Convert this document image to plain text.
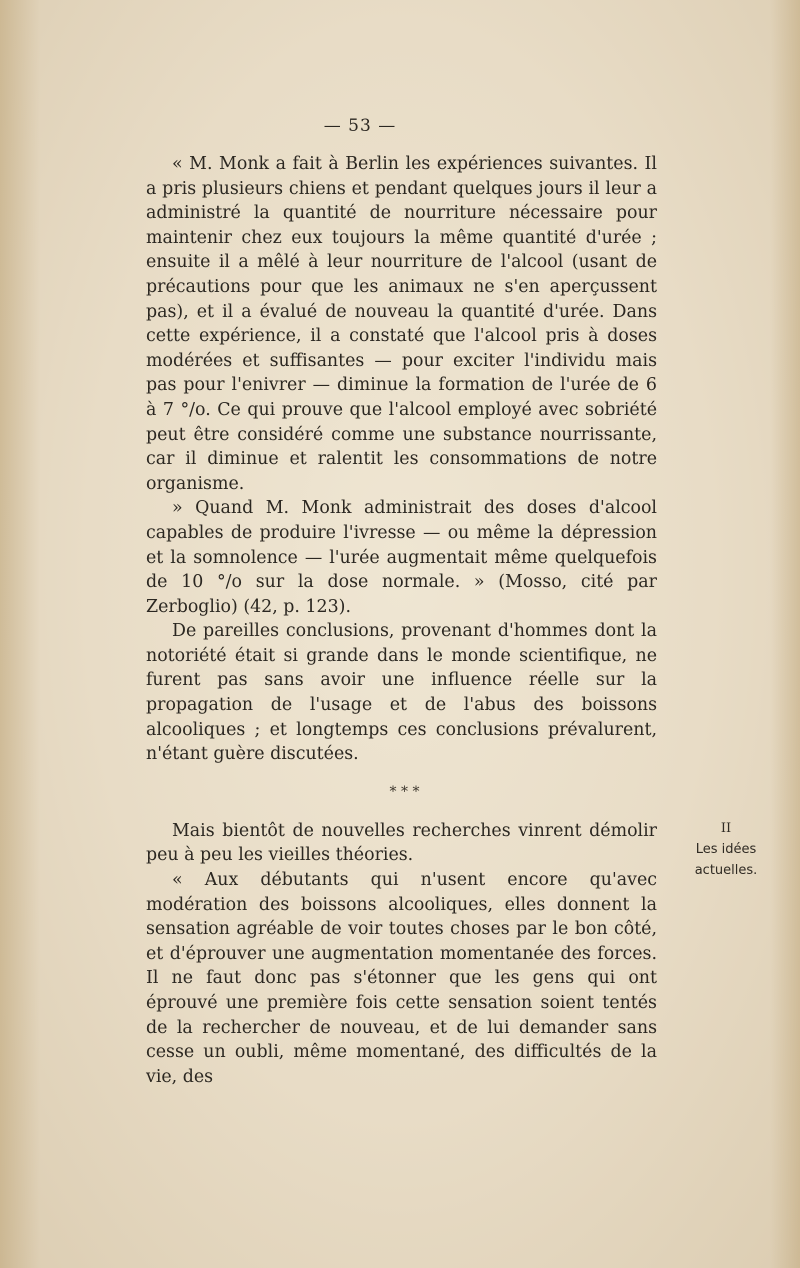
— 53 —

« M. Monk a fait à Berlin les expériences suivantes. Il a pris plusieurs chiens et pendant quelques jours il leur a administré la quantité de nourriture nécessaire pour maintenir chez eux toujours la même quantité d'urée ; ensuite il a mêlé à leur nourriture de l'alcool (usant de précautions pour que les animaux ne s'en aperçussent pas), et il a évalué de nouveau la quantité d'urée. Dans cette expérience, il a constaté que l'alcool pris à doses modérées et suffisantes — pour exciter l'individu mais pas pour l'enivrer — diminue la formation de l'urée de 6 à 7 °/o. Ce qui prouve que l'alcool employé avec sobriété peut être considéré comme une substance nourrissante, car il diminue et ralentit les consommations de notre organisme.

» Quand M. Monk administrait des doses d'alcool capables de produire l'ivresse — ou même la dépression et la somnolence — l'urée augmentait même quelquefois de 10 °/o sur la dose normale. » (Mosso, cité par Zerboglio) (42, p. 123).

De pareilles conclusions, provenant d'hommes dont la notoriété était si grande dans le monde scientifique, ne furent pas sans avoir une influence réelle sur la propagation de l'usage et de l'abus des boissons alcooliques ; et longtemps ces conclusions prévalurent, n'étant guère discutées.

* * *

Mais bientôt de nouvelles recherches vinrent démolir peu à peu les vieilles théories.

« Aux débutants qui n'usent encore qu'avec modération des boissons alcooliques, elles donnent la sensation agréable de voir toutes choses par le bon côté, et d'éprouver une augmentation momentanée des forces. Il ne faut donc pas s'étonner que les gens qui ont éprouvé une première fois cette sensation soient tentés de la rechercher de nouveau, et de lui demander sans cesse un oubli, même momentané, des difficultés de la vie, des

II
Les idées
actuelles.
